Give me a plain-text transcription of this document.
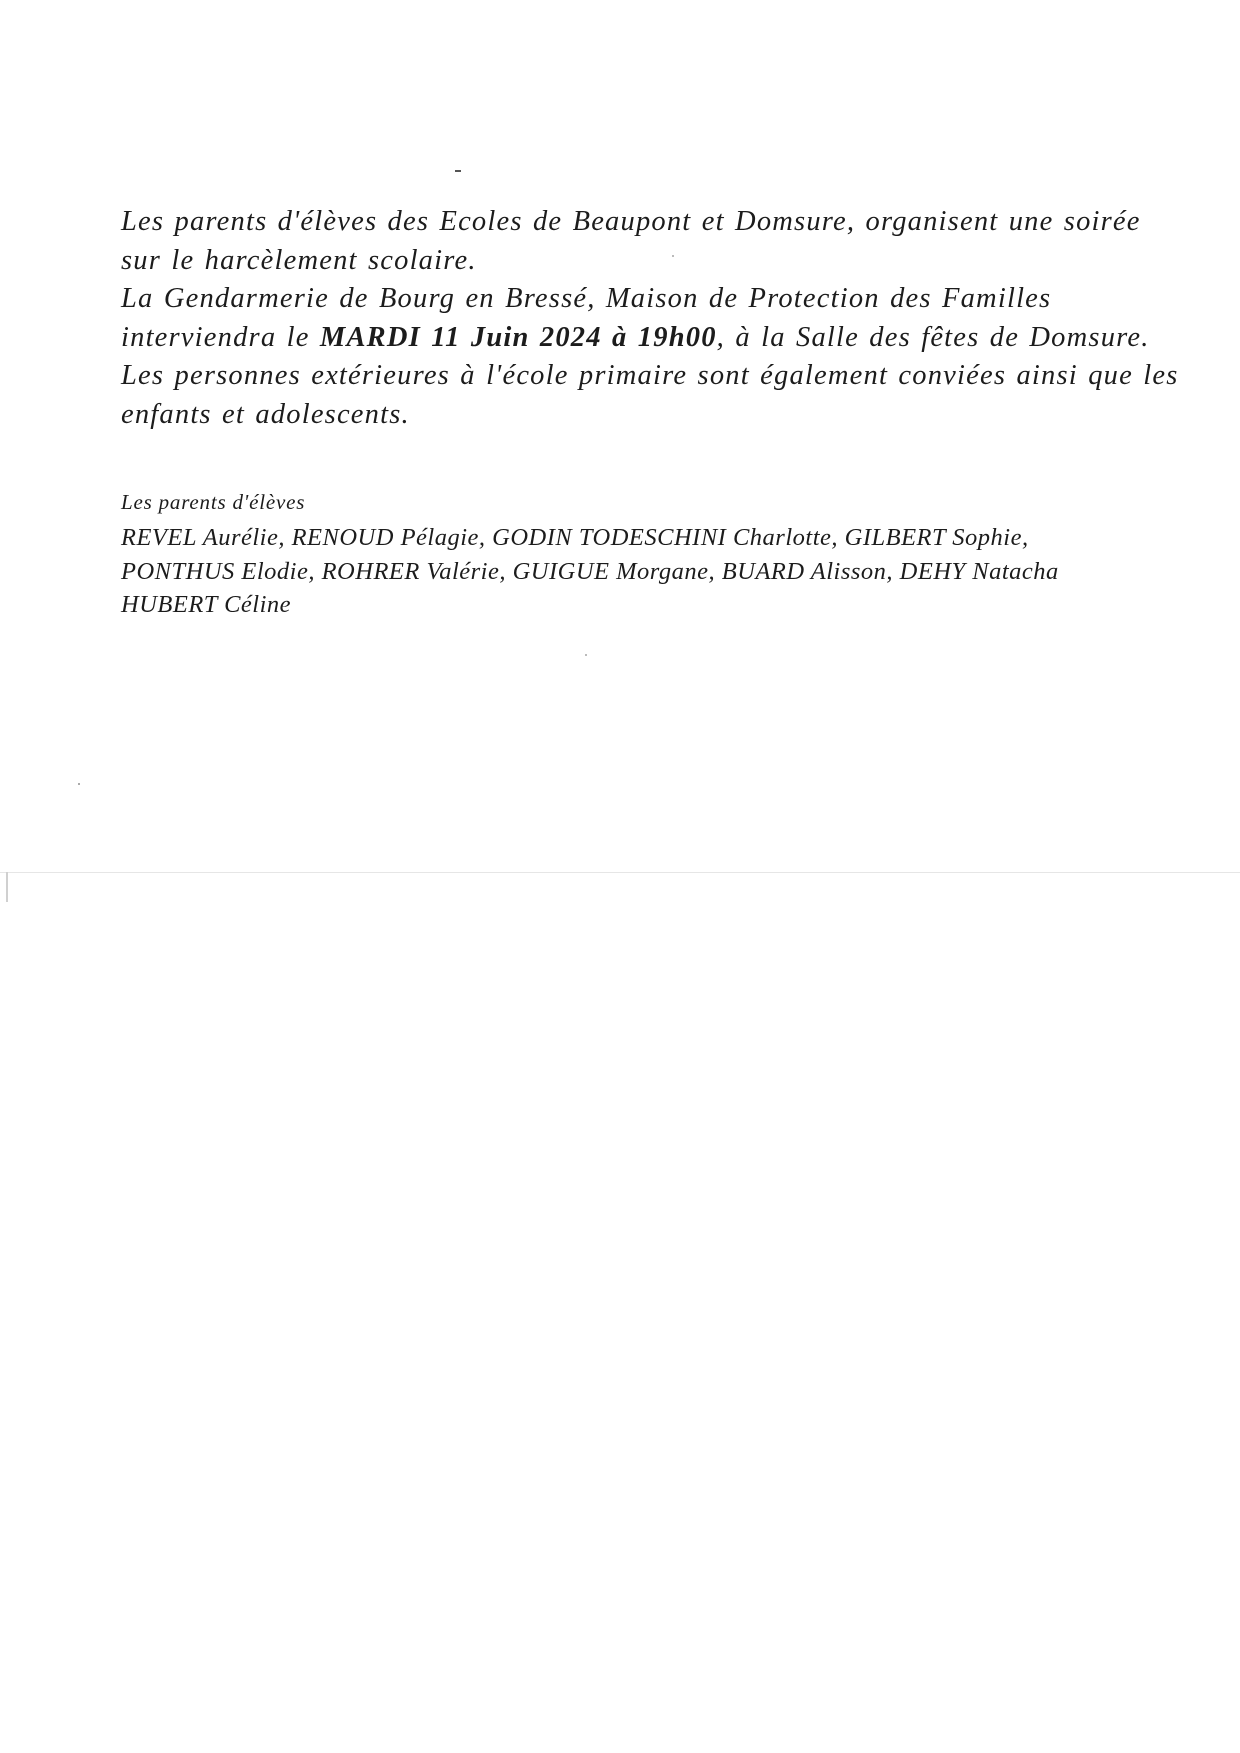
Les parents d'élèves des Ecoles de Beaupont et Domsure, organisent une soirée
sur le harcèlement scolaire.
La Gendarmerie de Bourg en Bressé, Maison de Protection des Familles
interviendra le MARDI 11 Juin 2024 à 19h00, à la Salle des fêtes de Domsure.
Les personnes extérieures à l'école primaire sont également conviées ainsi que les
enfants et adolescents.

Les parents d'élèves
REVEL Aurélie, RENOUD Pélagie, GODIN TODESCHINI Charlotte, GILBERT Sophie,
PONTHUS Elodie, ROHRER Valérie, GUIGUE Morgane, BUARD Alisson, DEHY Natacha
HUBERT Céline
